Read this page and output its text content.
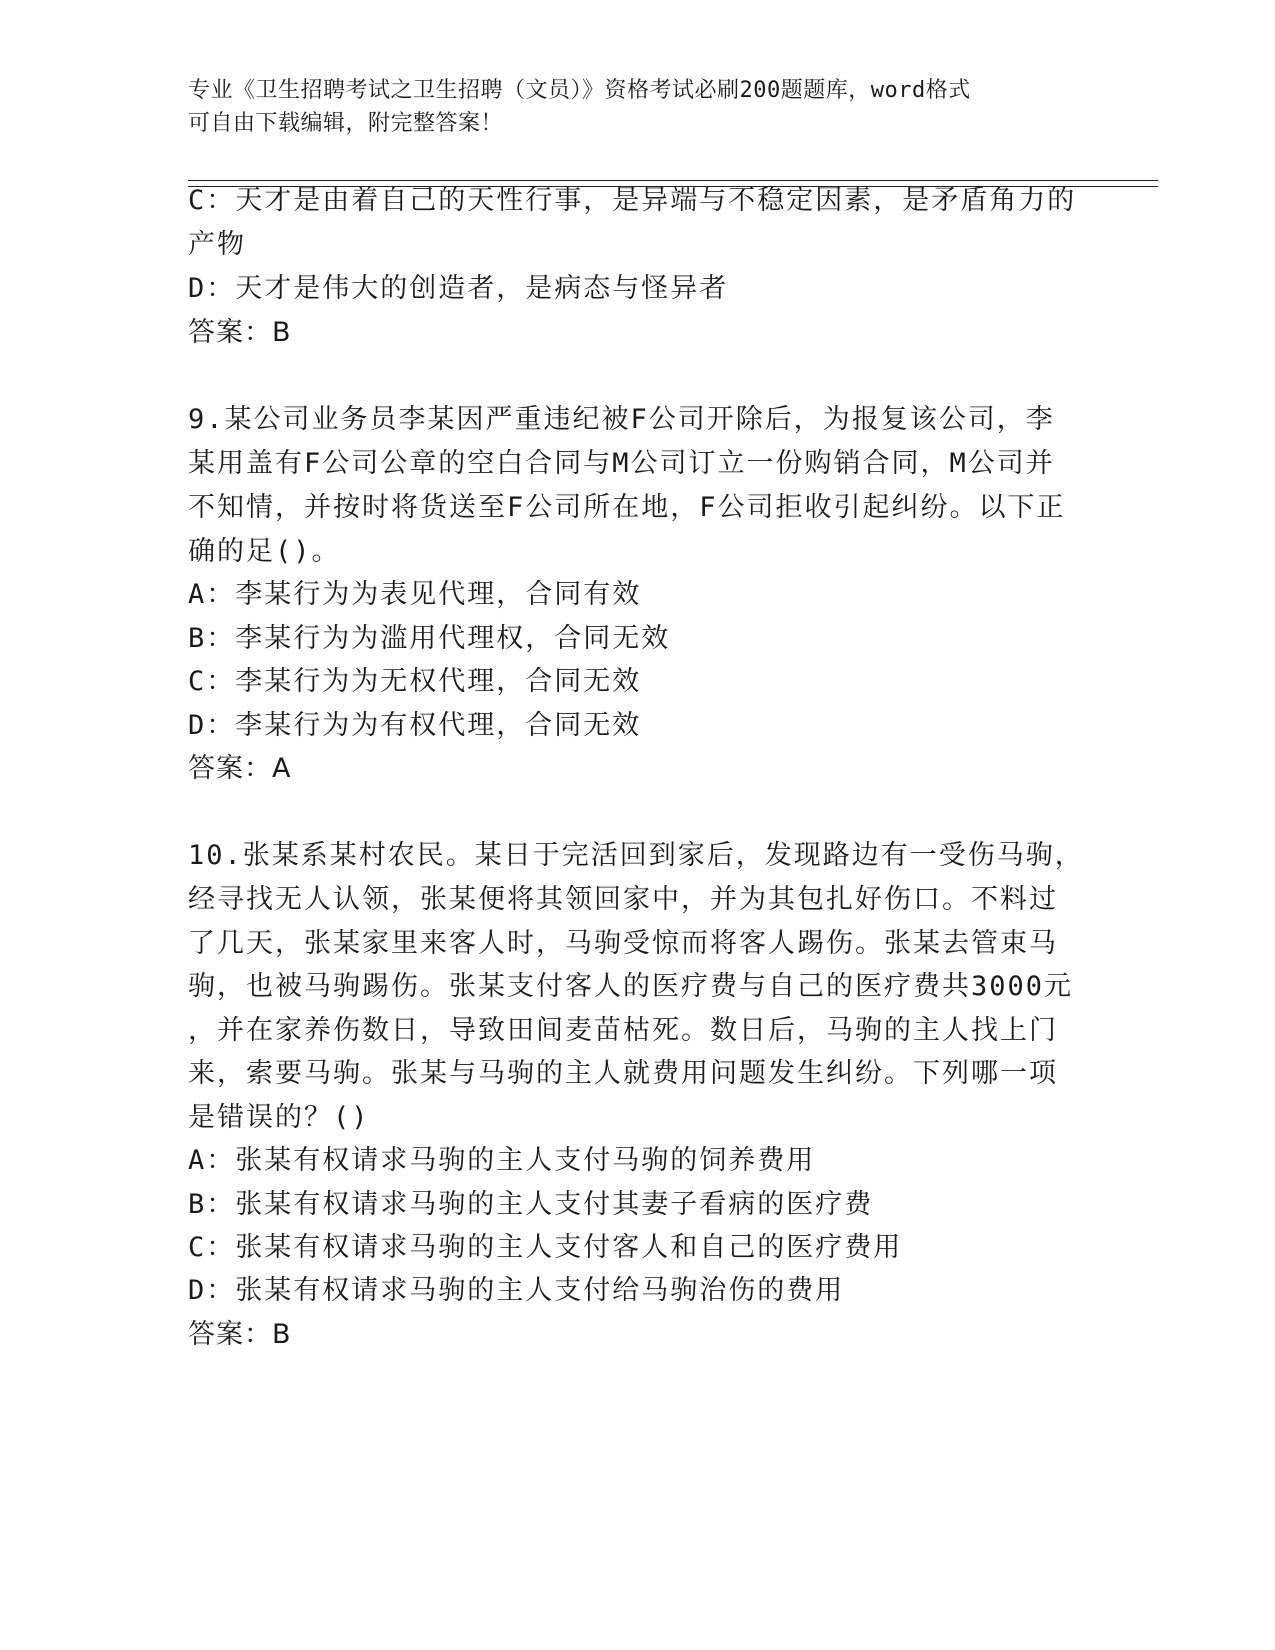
专业《卫生招聘考试之卫生招聘（文员）》资格考试必刷200题题库，word格式
可自由下载编辑，附完整答案！
C：天才是由着自己的天性行事，是异端与不稳定因素，是矛盾角力的
产物
D：天才是伟大的创造者，是病态与怪异者
答案：B
9.某公司业务员李某因严重违纪被F公司开除后，为报复该公司，李
某用盖有F公司公章的空白合同与M公司订立一份购销合同，M公司并
不知情，并按时将货送至F公司所在地，F公司拒收引起纠纷。以下正
确的足()。
A：李某行为为表见代理，合同有效
B：李某行为为滥用代理权，合同无效
C：李某行为为无权代理，合同无效
D：李某行为为有权代理，合同无效
答案：A
10.张某系某村农民。某日于完活回到家后，发现路边有一受伤马驹，
经寻找无人认领，张某便将其领回家中，并为其包扎好伤口。不料过
了几天，张某家里来客人时，马驹受惊而将客人踢伤。张某去管束马
驹，也被马驹踢伤。张某支付客人的医疗费与自己的医疗费共3000元
，并在家养伤数日，导致田间麦苗枯死。数日后，马驹的主人找上门
来，索要马驹。张某与马驹的主人就费用问题发生纠纷。下列哪一项
是错误的？()
A：张某有权请求马驹的主人支付马驹的饲养费用
B：张某有权请求马驹的主人支付其妻子看病的医疗费
C：张某有权请求马驹的主人支付客人和自己的医疗费用
D：张某有权请求马驹的主人支付给马驹治伤的费用
答案：B
